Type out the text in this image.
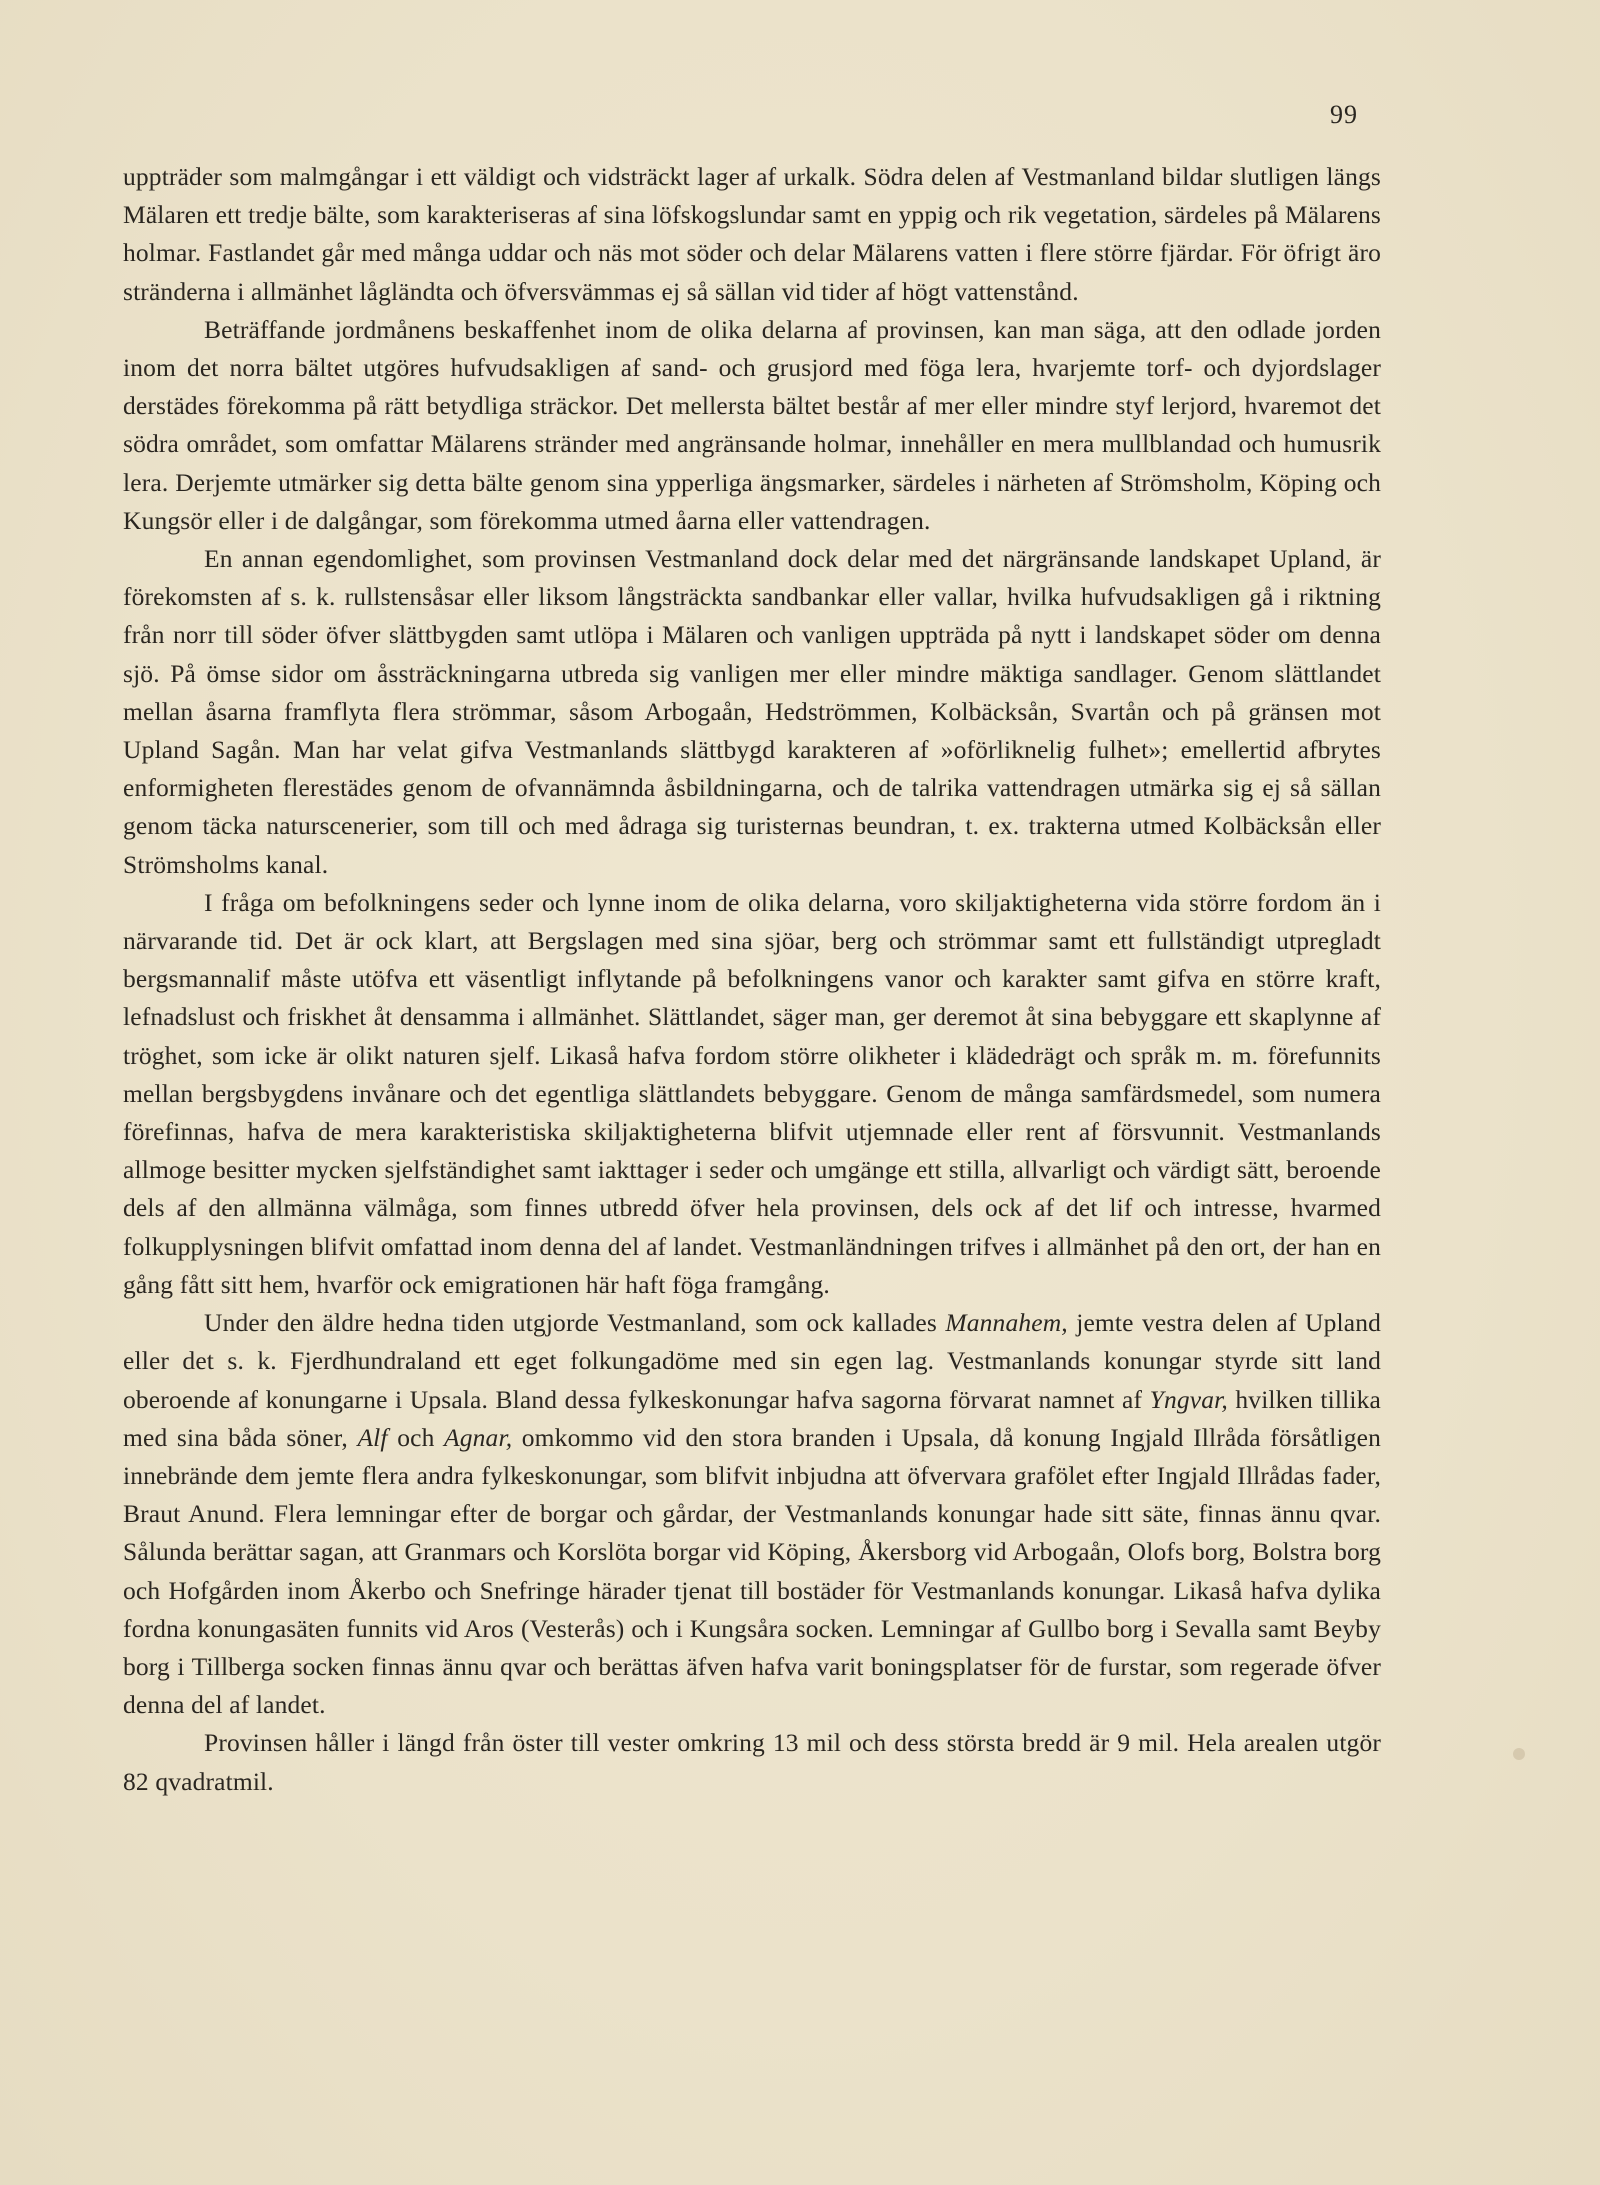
99

uppträder som malmgångar i ett väldigt och vidsträckt lager af urkalk. Södra delen af Vestmanland bildar slutligen längs Mälaren ett tredje bälte, som karakteriseras af sina löfskogslundar samt en yppig och rik vegetation, särdeles på Mälarens holmar. Fastlandet går med många uddar och näs mot söder och delar Mälarens vatten i flere större fjärdar. För öfrigt äro stränderna i allmänhet lågländta och öfversvämmas ej så sällan vid tider af högt vattenstånd.

Beträffande jordmånens beskaffenhet inom de olika delarna af provinsen, kan man säga, att den odlade jorden inom det norra bältet utgöres hufvudsakligen af sand- och grusjord med föga lera, hvarjemte torf- och dyjordslager derstädes förekomma på rätt betydliga sträckor. Det mellersta bältet består af mer eller mindre styf lerjord, hvaremot det södra området, som omfattar Mälarens stränder med angränsande holmar, innehåller en mera mullblandad och humusrik lera. Derjemte utmärker sig detta bälte genom sina ypperliga ängsmarker, särdeles i närheten af Strömsholm, Köping och Kungsör eller i de dalgångar, som förekomma utmed åarna eller vattendragen.

En annan egendomlighet, som provinsen Vestmanland dock delar med det närgränsande landskapet Upland, är förekomsten af s. k. rullstensåsar eller liksom långsträckta sandbankar eller vallar, hvilka hufvudsakligen gå i riktning från norr till söder öfver slättbygden samt utlöpa i Mälaren och vanligen uppträda på nytt i landskapet söder om denna sjö. På ömse sidor om åssträckningarna utbreda sig vanligen mer eller mindre mäktiga sandlager. Genom slättlandet mellan åsarna framflyta flera strömmar, såsom Arbogaån, Hedströmmen, Kolbäcksån, Svartån och på gränsen mot Upland Sagån. Man har velat gifva Vestmanlands slättbygd karakteren af »oförliknelig fulhet»; emellertid afbrytes enformigheten flerestädes genom de ofvannämnda åsbildningarna, och de talrika vattendragen utmärka sig ej så sällan genom täcka naturscenerier, som till och med ådraga sig turisternas beundran, t. ex. trakterna utmed Kolbäcksån eller Strömsholms kanal.

I fråga om befolkningens seder och lynne inom de olika delarna, voro skiljaktigheterna vida större fordom än i närvarande tid. Det är ock klart, att Bergslagen med sina sjöar, berg och strömmar samt ett fullständigt utpregladt bergsmannalif måste utöfva ett väsentligt inflytande på befolkningens vanor och karakter samt gifva en större kraft, lefnadslust och friskhet åt densamma i allmänhet. Slättlandet, säger man, ger deremot åt sina bebyggare ett skaplynne af tröghet, som icke är olikt naturen sjelf. Likaså hafva fordom större olikheter i klädedrägt och språk m. m. förefunnits mellan bergsbygdens invånare och det egentliga slättlandets bebyggare. Genom de många samfärdsmedel, som numera förefinnas, hafva de mera karakteristiska skiljaktigheterna blifvit utjemnade eller rent af försvunnit. Vestmanlands allmoge besitter mycken sjelfständighet samt iakttager i seder och umgänge ett stilla, allvarligt och värdigt sätt, beroende dels af den allmänna välmåga, som finnes utbredd öfver hela provinsen, dels ock af det lif och intresse, hvarmed folkupplysningen blifvit omfattad inom denna del af landet. Vestmanländningen trifves i allmänhet på den ort, der han en gång fått sitt hem, hvarför ock emigrationen här haft föga framgång.

Under den äldre hedna tiden utgjorde Vestmanland, som ock kallades Mannahem, jemte vestra delen af Upland eller det s. k. Fjerdhundraland ett eget folkungadöme med sin egen lag. Vestmanlands konungar styrde sitt land oberoende af konungarne i Upsala. Bland dessa fylkeskonungar hafva sagorna förvarat namnet af Yngvar, hvilken tillika med sina båda söner, Alf och Agnar, omkommo vid den stora branden i Upsala, då konung Ingjald Illråda försåtligen innebrände dem jemte flera andra fylkeskonungar, som blifvit inbjudna att öfvervara grafölet efter Ingjald Illrådas fader, Braut Anund. Flera lemningar efter de borgar och gårdar, der Vestmanlands konungar hade sitt säte, finnas ännu qvar. Sålunda berättar sagan, att Granmars och Korslöta borgar vid Köping, Åkersborg vid Arbogaån, Olofs borg, Bolstra borg och Hofgården inom Åkerbo och Snefringe härader tjenat till bostäder för Vestmanlands konungar. Likaså hafva dylika fordna konungasäten funnits vid Aros (Vesterås) och i Kungsåra socken. Lemningar af Gullbo borg i Sevalla samt Beyby borg i Tillberga socken finnas ännu qvar och berättas äfven hafva varit boningsplatser för de furstar, som regerade öfver denna del af landet.

Provinsen håller i längd från öster till vester omkring 13 mil och dess största bredd är 9 mil. Hela arealen utgör 82 qvadratmil.
